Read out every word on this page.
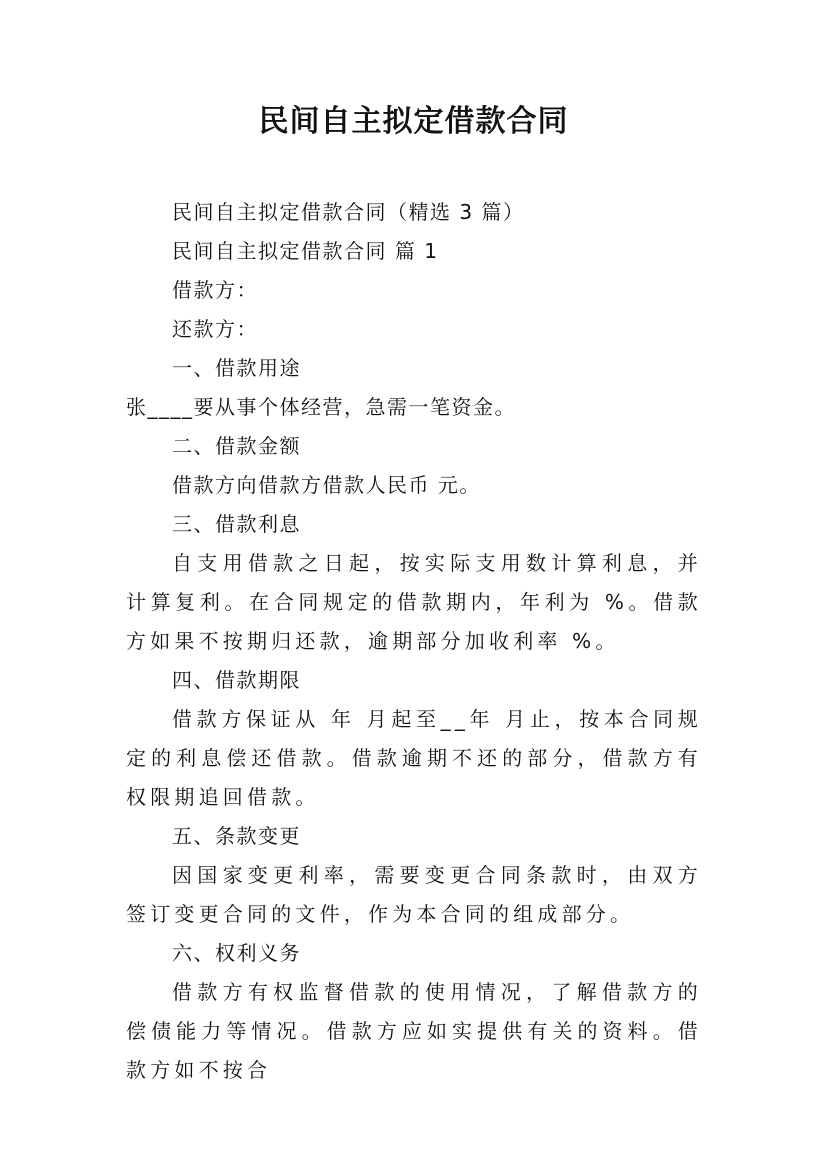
民间自主拟定借款合同
民间自主拟定借款合同（精选 3 篇）
民间自主拟定借款合同 篇 1
借款方：
还款方：
一、借款用途
张____要从事个体经营，急需一笔资金。
二、借款金额
借款方向借款方借款人民币 元。
三、借款利息

自支用借款之日起，按实际支用数计算利息，并计算复利。在合同规定的借款期内，年利为 %。借款方如果不按期归还款，逾期部分加收利率 %。

四、借款期限

借款方保证从 年 月起至__年 月止，按本合同规定的利息偿还借款。借款逾期不还的部分，借款方有权限期追回借款。

五、条款变更

因国家变更利率，需要变更合同条款时，由双方签订变更合同的文件，作为本合同的组成部分。

六、权利义务

借款方有权监督借款的使用情况，了解借款方的偿债能力等情况。借款方应如实提供有关的资料。借款方如不按合
